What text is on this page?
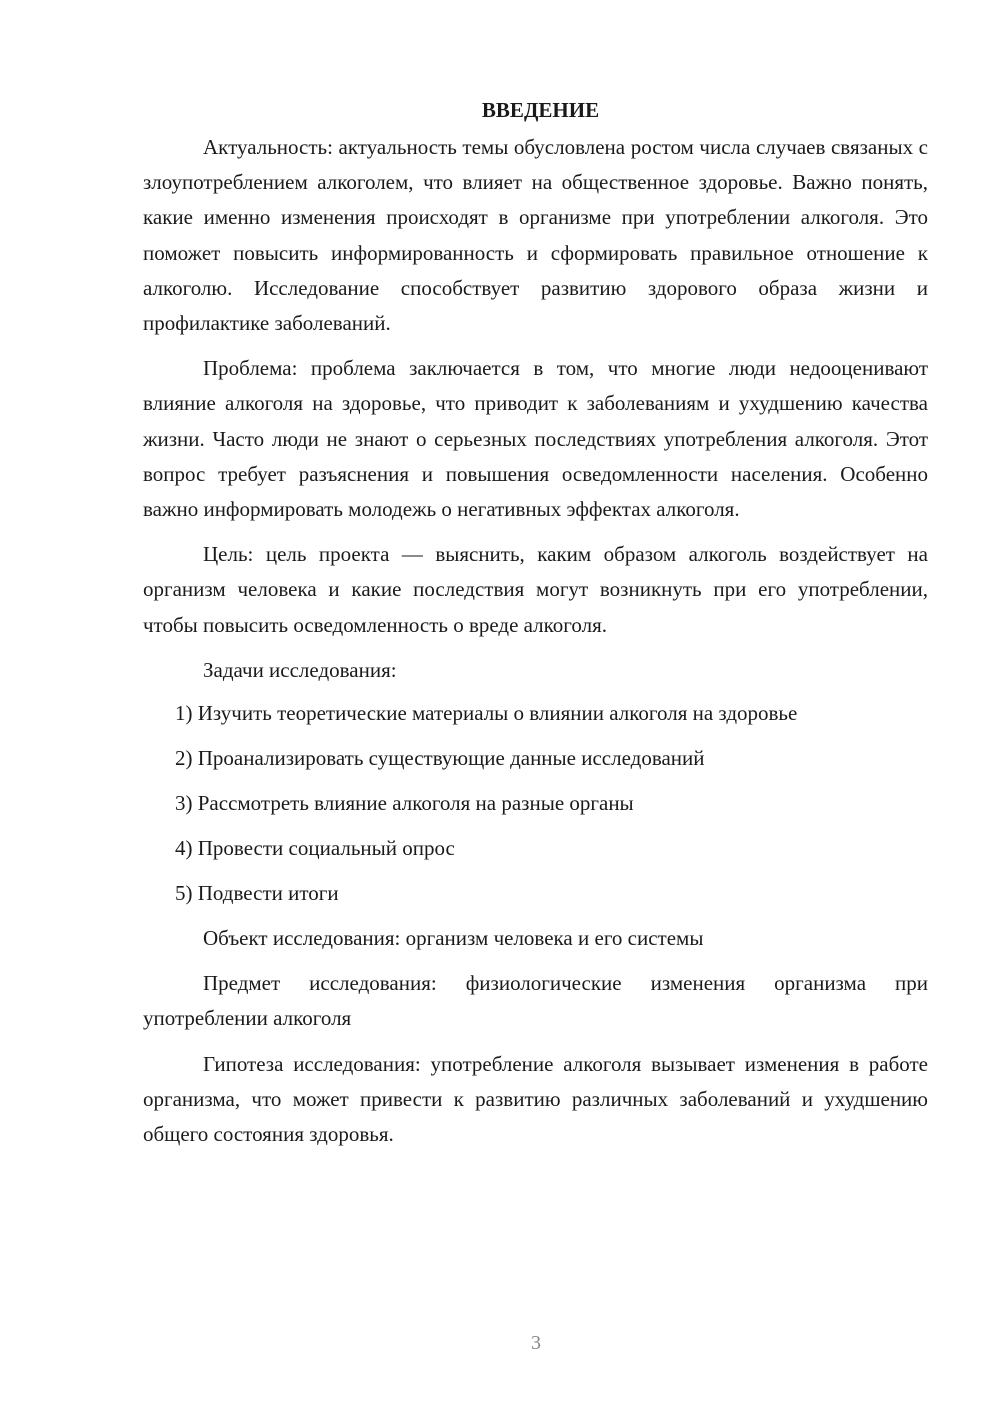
ВВЕДЕНИЕ

Актуальность: актуальность темы обусловлена ростом числа случаев связаных с злоупотреблением алкоголем, что влияет на общественное здоровье. Важно понять, какие именно изменения происходят в организме при употреблении алкоголя. Это поможет повысить информированность и сформировать правильное отношение к алкоголю. Исследование способствует развитию здорового образа жизни и профилактике заболеваний.

Проблема: проблема заключается в том, что многие люди недооценивают влияние алкоголя на здоровье, что приводит к заболеваниям и ухудшению качества жизни. Часто люди не знают о серьезных последствиях употребления алкоголя. Этот вопрос требует разъяснения и повышения осведомленности населения. Особенно важно информировать молодежь о негативных эффектах алкоголя.

Цель: цель проекта — выяснить, каким образом алкоголь воздействует на организм человека и какие последствия могут возникнуть при его употреблении, чтобы повысить осведомленность о вреде алкоголя.

Задачи исследования:

1) Изучить теоретические материалы о влиянии алкоголя на здоровье
2) Проанализировать существующие данные исследований
3) Рассмотреть влияние алкоголя на разные органы
4) Провести социальный опрос
5) Подвести итоги

Объект исследования: организм человека и его системы

Предмет исследования: физиологические изменения организма при употреблении алкоголя

Гипотеза исследования: употребление алкоголя вызывает изменения в работе организма, что может привести к развитию различных заболеваний и ухудшению общего состояния здоровья.

3
